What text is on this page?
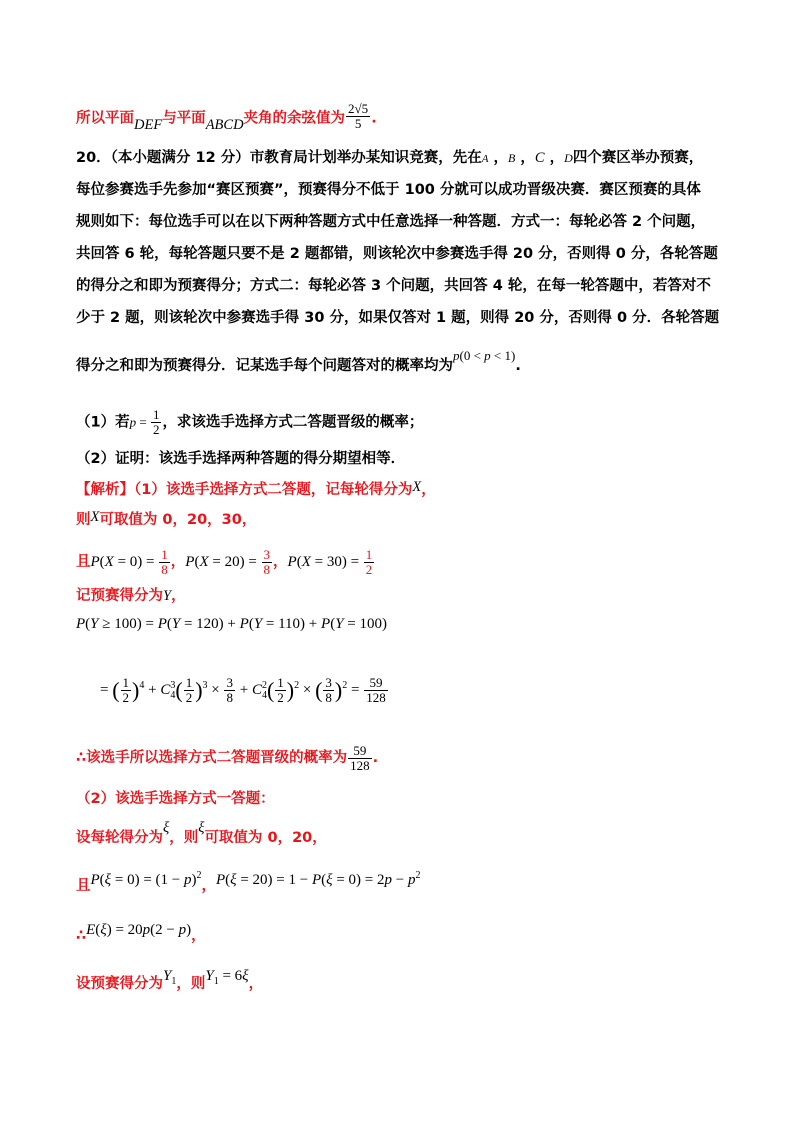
所以平面DEF与平面ABCD夹角的余弦值为 $\frac{2√5}{5}$ .
20．（本小题满分 12 分）市教育局计划举办某知识竞赛，先在A ，B ，C ，D四个赛区举办预赛，
每位参赛选手先参加“赛区预赛”，预赛得分不低于 100 分就可以成功晋级决赛．赛区预赛的具体
规则如下：每位选手可以在以下两种答题方式中任意选择一种答题．方式一：每轮必答 2 个问题，
共回答 6 轮，每轮答题只要不是 2 题都错，则该轮次中参赛选手得 20 分，否则得 0 分，各轮答题
的得分之和即为预赛得分；方式二：每轮必答 3 个问题，共回答 4 轮，在每一轮答题中，若答对不
少于 2 题，则该轮次中参赛选手得 30 分，如果仅答对 1 题，则得 20 分，否则得 0 分．各轮答题
得分之和即为预赛得分．记某选手每个问题答对的概率均为p(0 < p < 1).
（1）若$p = \frac{1}{2}$ ，求该选手选择方式二答题晋级的概率；
（2）证明：该选手选择两种答题的得分期望相等．
【解析】（1）该选手选择方式二答题，记每轮得分为X，
则X可取值为 0，20，30，
且$P(X = 0) = \frac{1}{8}$ ，$P(X = 20) = \frac{3}{8}$ ，$P(X = 30) = \frac{1}{2}$
记预赛得分为Y，
P(Y ≥ 100) = P(Y = 120) + P(Y = 110) + P(Y = 100)
= ( $\frac{1}{2} )^4 + C^3_4( \frac{1}{2} )^3 \times \frac{3}{8} + C^2_4( \frac{1}{2} )^2$ × ( $\frac{3}{8} )^2 = \frac{59}{128}$
∴该选手所以选择方式二答题晋级的概率为 $\frac{59}{128}$ .
（2）该选手选择方式一答题：
设每轮得分为ξ，则ξ可取值为 0，20，
且$P(\xi = 0) = (1 - p)^2$，$P(\xi = 20) = 1 - P(\xi = 0) = 2p - p^2$
∴E(ξ) = 20p(2 − p)，
设预赛得分为$Y_1$，则$Y_1 = 6\xi$，
